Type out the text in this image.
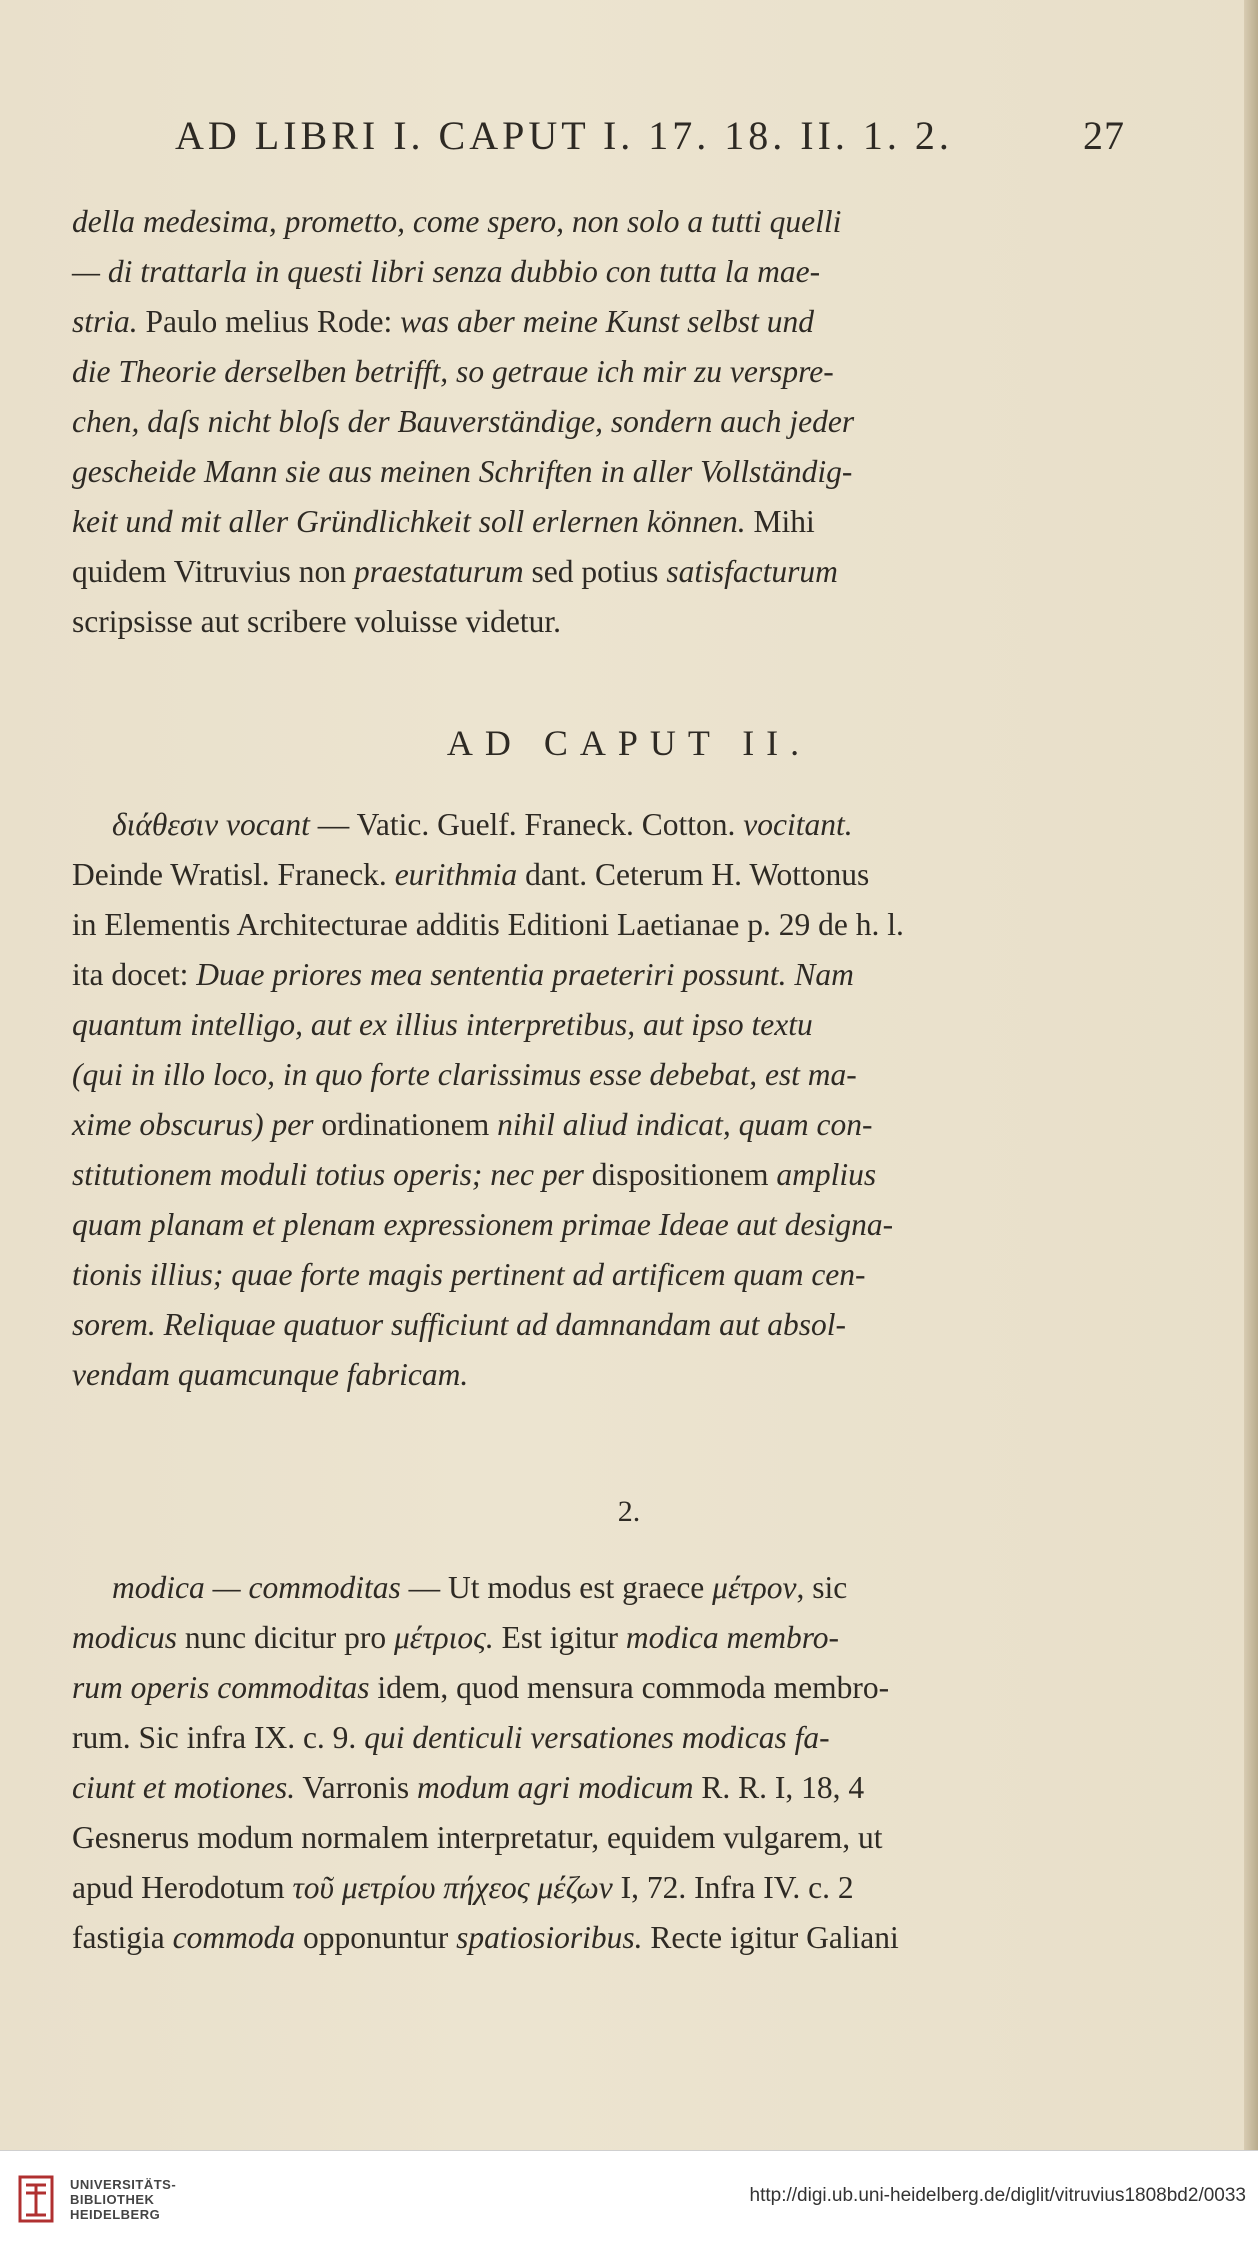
AD LIBRI I. CAPUT I. 17. 18. II. 1. 2.	27

della medesima, prometto, come spero, non solo a tutti quelli

— di trattarla in questi libri senza dubbio con tutta la mae-

stria. Paulo melius Rode: was aber meine Kunst selbst und

die Theorie derselben betrifft, so getraue ich mir zu verspre-

chen, daſs nicht bloſs der Bauverständige, sondern auch jeder

gescheide Mann sie aus meinen Schriften in aller Vollständig-

keit und mit aller Gründlichkeit soll erlernen können. Mihi

quidem Vitruvius non praestaturum sed potius satisfacturum

scripsisse aut scribere voluisse videtur.

AD CAPUT II.

διάθεσιν vocant — Vatic. Guelf. Franeck. Cotton. vocitant.

Deinde Wratisl. Franeck. eurithmia dant. Ceterum H. Wottonus

in Elementis Architecturae additis Editioni Laetianae p. 29 de h. l.

ita docet: Duae priores mea sententia praeteriri possunt. Nam

quantum intelligo, aut ex illius interpretibus, aut ipso textu

(qui in illo loco, in quo forte clarissimus esse debebat, est ma-

xime obscurus) per ordinationem nihil aliud indicat, quam con-

stitutionem moduli totius operis; nec per dispositionem amplius

quam planam et plenam expressionem primae Ideae aut designa-

tionis illius; quae forte magis pertinent ad artificem quam cen-

sorem. Reliquae quatuor sufficiunt ad damnandam aut absol-

vendam quamcunque fabricam.

2.

modica — commoditas — Ut modus est graece μέτρον, sic

modicus nunc dicitur pro μέτριος. Est igitur modica membro-

rum operis commoditas idem, quod mensura commoda membro-

rum. Sic infra IX. c. 9. qui denticuli versationes modicas fa-

ciunt et motiones. Varronis modum agri modicum R. R. I, 18, 4

Gesnerus modum normalem interpretatur, equidem vulgarem, ut

apud Herodotum τοῦ μετρίου πήχεος μέζων I, 72. Infra IV. c. 2

fastigia commoda opponuntur spatiosioribus. Recte igitur Galiani

UNIVERSITÄTS-
BIBLIOTHEK
HEIDELBERG
http://digi.ub.uni-heidelberg.de/diglit/vitruvius1808bd2/0033
